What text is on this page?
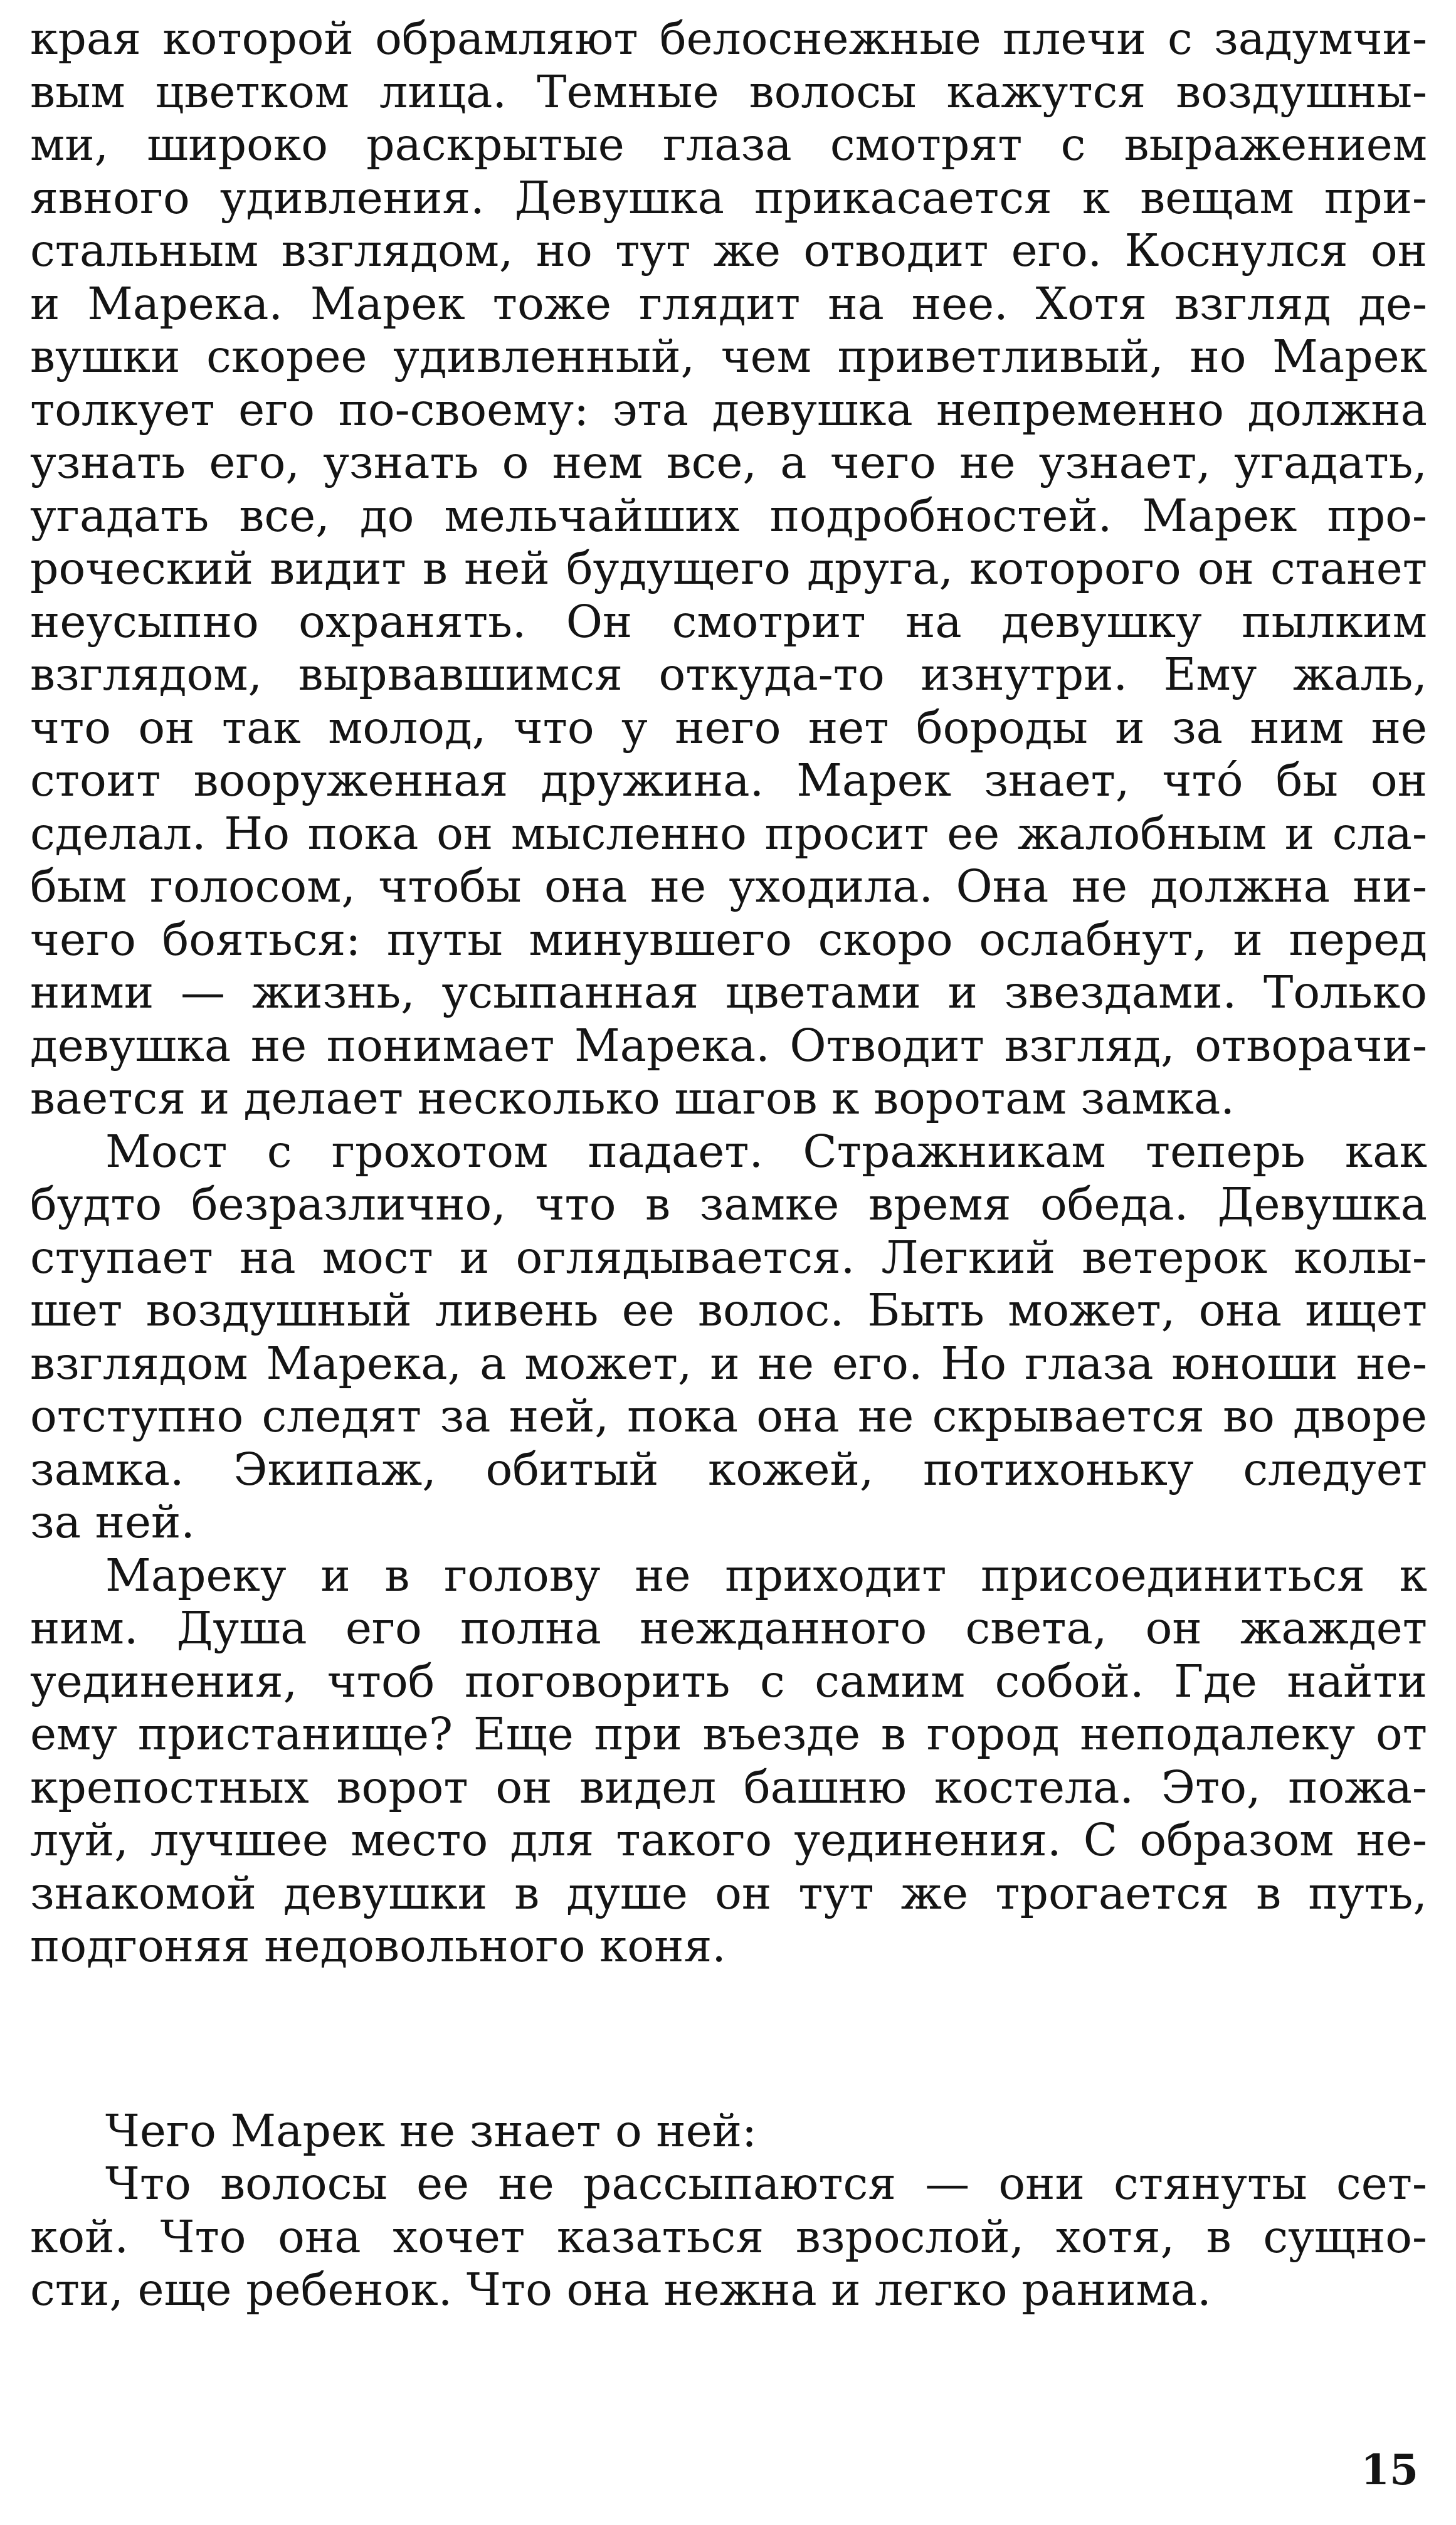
края которой обрамляют белоснежные плечи с задумчи-
вым цветком лица. Темные волосы кажутся воздушны-
ми, широко раскрытые глаза смотрят с выражением
явного удивления. Девушка прикасается к вещам при-
стальным взглядом, но тут же отводит его. Коснулся он
и Марека. Марек тоже глядит на нее. Хотя взгляд де-
вушки скорее удивленный, чем приветливый, но Марек
толкует его по-своему: эта девушка непременно должна
узнать его, узнать о нем все, а чего не узнает, угадать,
угадать все, до мельчайших подробностей. Марек про-
роческий видит в ней будущего друга, которого он станет
неусыпно охранять. Он смотрит на девушку пылким
взглядом, вырвавшимся откуда-то изнутри. Ему жаль,
что он так молод, что у него нет бороды и за ним не
стоит вооруженная дружина. Марек знает, что́ бы он
сделал. Но пока он мысленно просит ее жалобным и сла-
бым голосом, чтобы она не уходила. Она не должна ни-
чего бояться: путы минувшего скоро ослабнут, и перед
ними — жизнь, усыпанная цветами и звездами. Только
девушка не понимает Марека. Отводит взгляд, отворачи-
вается и делает несколько шагов к воротам замка.

Мост с грохотом падает. Стражникам теперь как
будто безразлично, что в замке время обеда. Девушка
ступает на мост и оглядывается. Легкий ветерок колы-
шет воздушный ливень ее волос. Быть может, она ищет
взглядом Марека, а может, и не его. Но глаза юноши не-
отступно следят за ней, пока она не скрывается во дворе
замка. Экипаж, обитый кожей, потихоньку следует
за ней.

Мареку и в голову не приходит присоединиться к
ним. Душа его полна нежданного света, он жаждет
уединения, чтоб поговорить с самим собой. Где найти
ему пристанище? Еще при въезде в город неподалеку от
крепостных ворот он видел башню костела. Это, пожа-
луй, лучшее место для такого уединения. С образом не-
знакомой девушки в душе он тут же трогается в путь,
подгоняя недовольного коня.

Чего Марек не знает о ней:

Что волосы ее не рассыпаются — они стянуты сет-
кой. Что она хочет казаться взрослой, хотя, в сущно-
сти, еще ребенок. Что она нежна и легко ранима.

15
